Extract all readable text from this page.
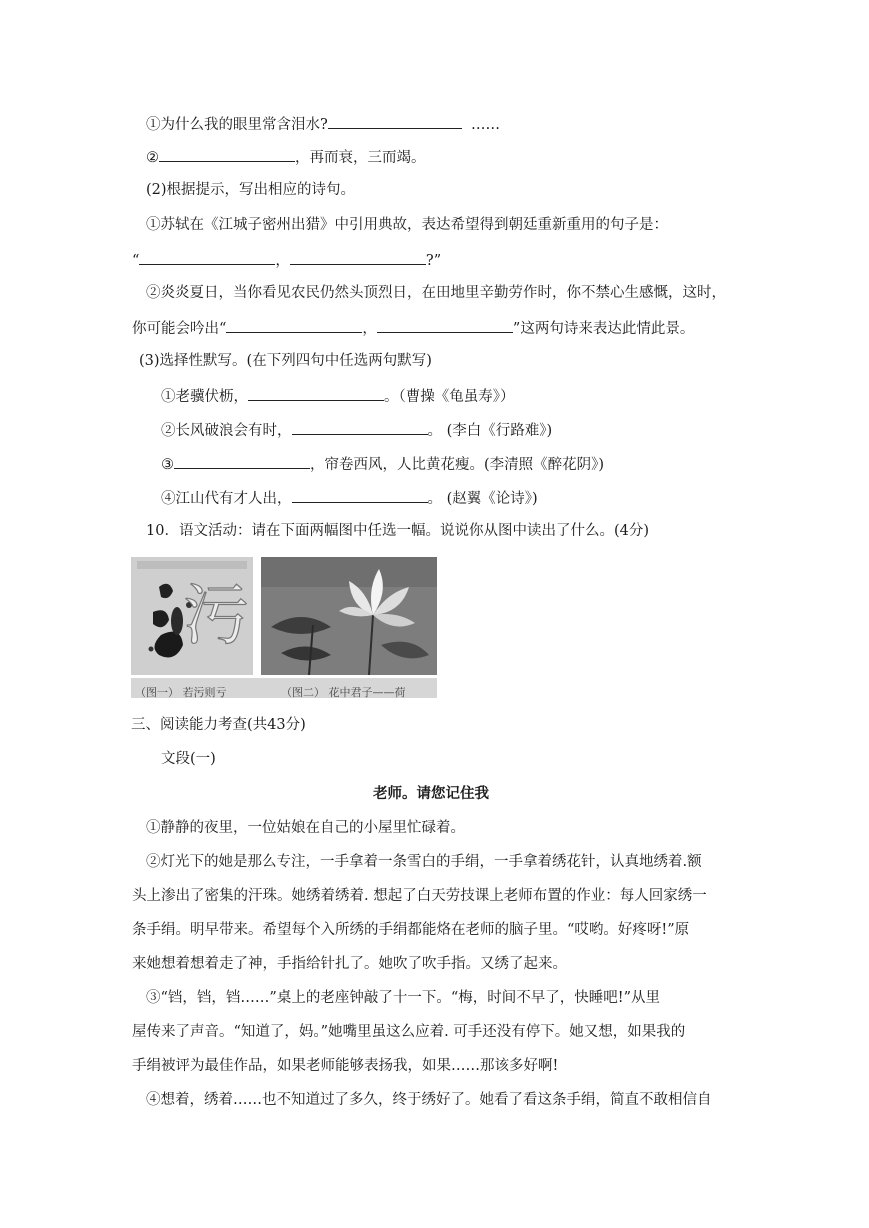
①为什么我的眼里常含泪水?	……
②	，再而衰，三而竭。
(2)根据提示，写出相应的诗句。
①苏轼在《江城子密州出猎》中引用典故，表达希望得到朝廷重新重用的句子是：
“	，	?”
②炎炎夏日，当你看见农民仍然头顶烈日，在田地里辛勤劳作时，你不禁心生感慨，这时，
你可能会吟出“	，	”这两句诗来表达此情此景。
(3)选择性默写。(在下列四句中任选两句默写)
①老骥伏枥，	。（曹操《龟虽寿》）
②长风破浪会有时，	。 (李白《行路难》)
③	，帘卷西风，人比黄花瘦。(李清照《醉花阴》)
④江山代有才人出，	。 (赵翼《论诗》)
10．语文活动：请在下面两幅图中任选一幅。说说你从图中读出了什么。(4分)
污
（图一） 若污则亏	（图二） 花中君子——荷
三、阅读能力考查(共43分)
文段(一)
老师。请您记住我
①静静的夜里，一位姑娘在自己的小屋里忙碌着。
②灯光下的她是那么专注，一手拿着一条雪白的手绢，一手拿着绣花针，认真地绣着.额
头上渗出了密集的汗珠。她绣着绣着. 想起了白天劳技课上老师布置的作业：每人回家绣一
条手绢。明早带来。希望每个入所绣的手绢都能烙在老师的脑子里。“哎哟。好疼呀!”原
来她想着想着走了神，手指给针扎了。她吹了吹手指。又绣了起来。
③“铛，铛，铛……”桌上的老座钟敲了十一下。“梅，时间不早了，快睡吧!”从里
屋传来了声音。“知道了，妈。”她嘴里虽这么应着. 可手还没有停下。她又想，如果我的
手绢被评为最佳作品，如果老师能够表扬我，如果……那该多好啊!
④想着，绣着……也不知道过了多久，终于绣好了。她看了看这条手绢，简直不敢相信自
